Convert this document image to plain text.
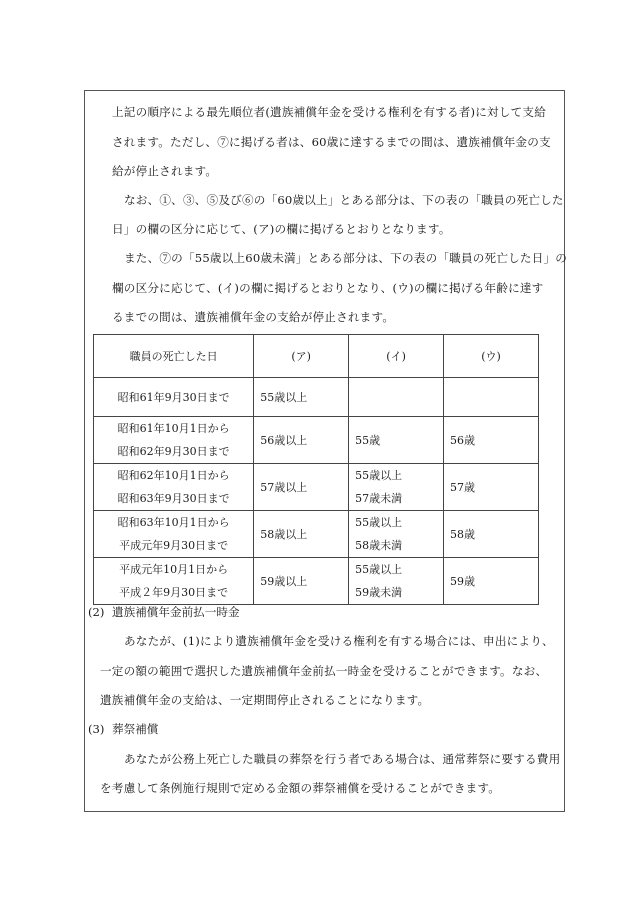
上記の順序による最先順位者(遺族補償年金を受ける権利を有する者)に対して支給
されます。ただし、⑦に掲げる者は、60歳に達するまでの間は、遺族補償年金の支
給が停止されます。
なお、①、③、⑤及び⑥の「60歳以上」とある部分は、下の表の「職員の死亡した
日」の欄の区分に応じて、(ア)の欄に掲げるとおりとなります。
また、⑦の「55歳以上60歳未満」とある部分は、下の表の「職員の死亡した日」の
欄の区分に応じて、(イ)の欄に掲げるとおりとなり、(ウ)の欄に掲げる年齢に達す
るまでの間は、遺族補償年金の支給が停止されます。
職員の死亡した日	(ア)	(イ)	(ウ)
昭和61年9月30日まで	55歳以上		

昭和61年10月1日から
昭和62年9月30日まで	56歳以上	55歳	56歳

昭和62年10月1日から
昭和63年9月30日まで	57歳以上	55歳以上
57歳未満	57歳

昭和63年10月1日から
平成元年9月30日まで	58歳以上	55歳以上
58歳未満	58歳

平成元年10月1日から
平成２年9月30日まで	59歳以上	55歳以上
59歳未満	59歳
(2) 遺族補償年金前払一時金
あなたが、(1)により遺族補償年金を受ける権利を有する場合には、申出により、
一定の額の範囲で選択した遺族補償年金前払一時金を受けることができます。なお、
遺族補償年金の支給は、一定期間停止されることになります。
(3) 葬祭補償
あなたが公務上死亡した職員の葬祭を行う者である場合は、通常葬祭に要する費用
を考慮して条例施行規則で定める金額の葬祭補償を受けることができます。
